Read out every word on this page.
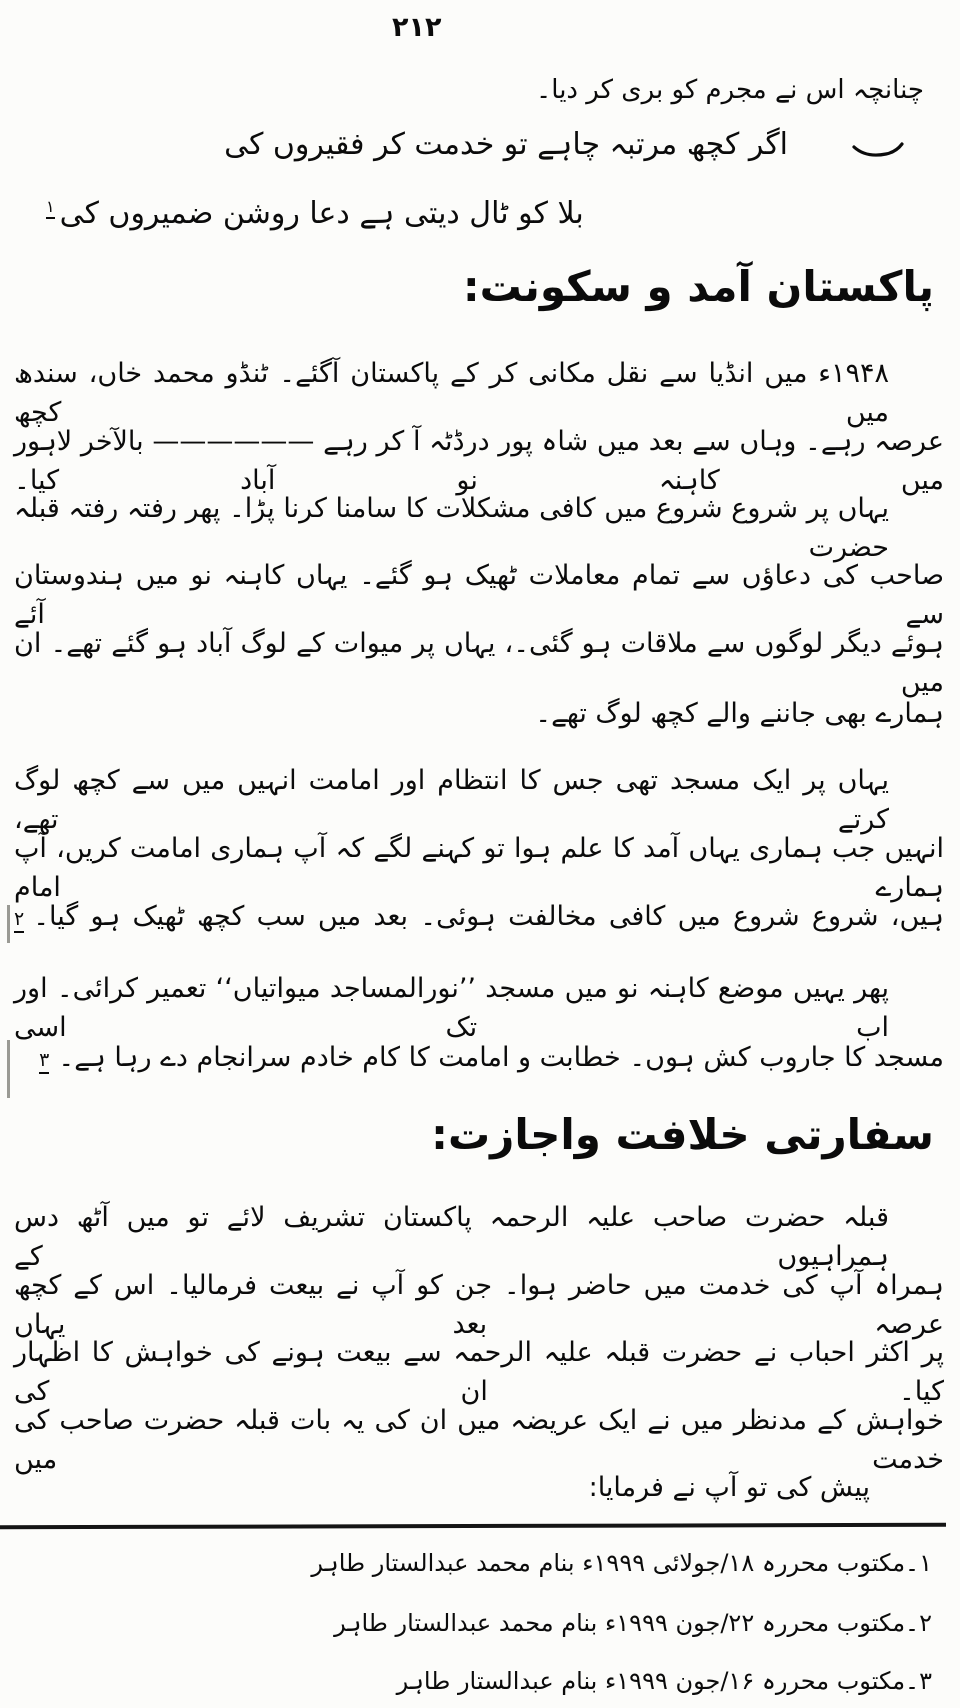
۲۱۲
چنانچہ اس نے مجرم کو بری کر دیا۔
اگر کچھ مرتبہ چاہے تو خدمت کر فقیروں کی
بلا کو ٹال دیتی ہے دعا روشن ضمیروں کی$^۱$
پاکستان آمد و سکونت:
۱۹۴۸ء میں انڈیا سے نقل مکانی کر کے پاکستان آگئے۔ ٹنڈو محمد خاں، سندھ میں کچھ
عرصہ رہے۔ وہاں سے بعد میں شاہ پور درڈٹہ آ کر رہے —————— بالآخر لاہور میں کاہنہ نو آباد کیا۔
یہاں پر شروع شروع میں کافی مشکلات کا سامنا کرنا پڑا۔ پھر رفتہ رفتہ قبلہ حضرت
صاحب کی دعاؤں سے تمام معاملات ٹھیک ہو گئے۔ یہاں کاہنہ نو میں ہندوستان سے آئے
ہوئے دیگر لوگوں سے ملاقات ہو گئی۔، یہاں پر میوات کے لوگ آباد ہو گئے تھے۔ ان میں
ہمارے بھی جاننے والے کچھ لوگ تھے۔
یہاں پر ایک مسجد تھی جس کا انتظام اور امامت انہیں میں سے کچھ لوگ کرتے تھے،
انہیں جب ہماری یہاں آمد کا علم ہوا تو کہنے لگے کہ آپ ہماری امامت کریں، آپ ہمارے امام
ہیں، شروع شروع میں کافی مخالفت ہوئی۔ بعد میں سب کچھ ٹھیک ہو گیا۔۲
پھر یہیں موضع کاہنہ نو میں مسجد ’’نورالمساجد میواتیاں‘‘ تعمیر کرائی۔ اور اب تک اسی
مسجد کا جاروب کش ہوں۔ خطابت و امامت کا کام خادم سرانجام دے رہا ہے۔۳
سفارتی خلافت واجازت:
قبلہ حضرت صاحب علیہ الرحمہ پاکستان تشریف لائے تو میں آٹھ دس ہمراہیوں کے
ہمراہ آپ کی خدمت میں حاضر ہوا۔ جن کو آپ نے بیعت فرمالیا۔ اس کے کچھ عرصہ بعد یہاں
پر اکثر احباب نے حضرت قبلہ علیہ الرحمہ سے بیعت ہونے کی خواہش کا اظہار کیا۔ ان کی
خواہش کے مدنظر میں نے ایک عریضہ میں ان کی یہ بات قبلہ حضرت صاحب کی خدمت میں
پیش کی تو آپ نے فرمایا:
۱۔مکتوب محررہ ۱۸/جولائی ۱۹۹۹ء بنام محمد عبدالستار طاہر
۲۔مکتوب محررہ ۲۲/جون ۱۹۹۹ء بنام محمد عبدالستار طاہر
۳۔مکتوب محررہ ۱۶/جون ۱۹۹۹ء بنام عبدالستار طاہر
